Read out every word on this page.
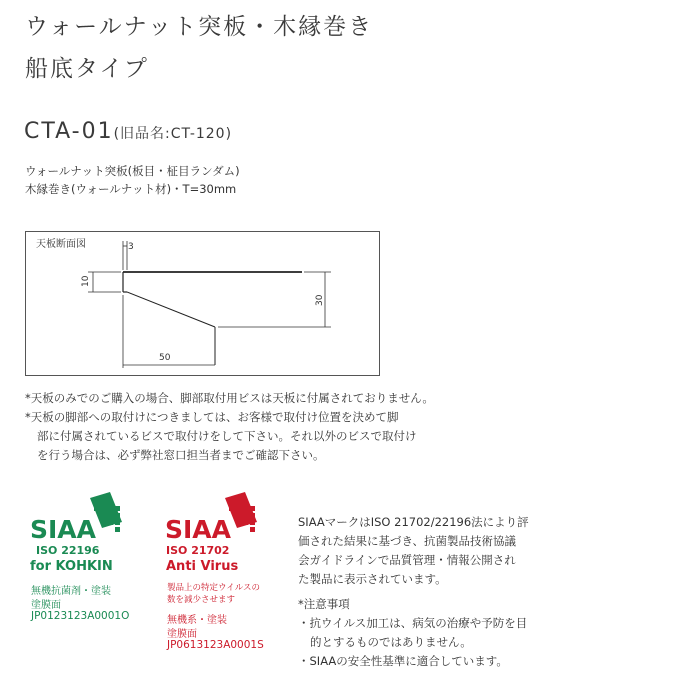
ウォールナット突板・木縁巻き
船底タイプ
CTA-01(旧品名:CT-120)
ウォールナット突板(板目・柾目ランダム)
木縁巻き(ウォールナット材)・T=30mm
天板断面図	3
10
30
50
*天板のみでのご購入の場合、脚部取付用ビスは天板に付属されておりません。
*天板の脚部への取付けにつきましては、お客様で取付け位置を決めて脚
部に付属されているビスで取付けをして下さい。それ以外のビスで取付け
を行う場合は、必ず弊社窓口担当者までご確認下さい。
SIAA
ISO 22196
for KOHKIN
無機抗菌剤・塗装
塗膜面
JP0123123A0001O
SIAA
ISO 21702
Anti Virus
製品上の特定ウイルスの
数を減少させます
無機系・塗装
塗膜面
JP0613123A0001S
SIAAマークはISO 21702/22196法により評
価された結果に基づき、抗菌製品技術協議
会ガイドラインで品質管理・情報公開され
た製品に表示されています。
*注意事項
・抗ウイルス加工は、病気の治療や予防を目
的とするものではありません。
・SIAAの安全性基準に適合しています。
